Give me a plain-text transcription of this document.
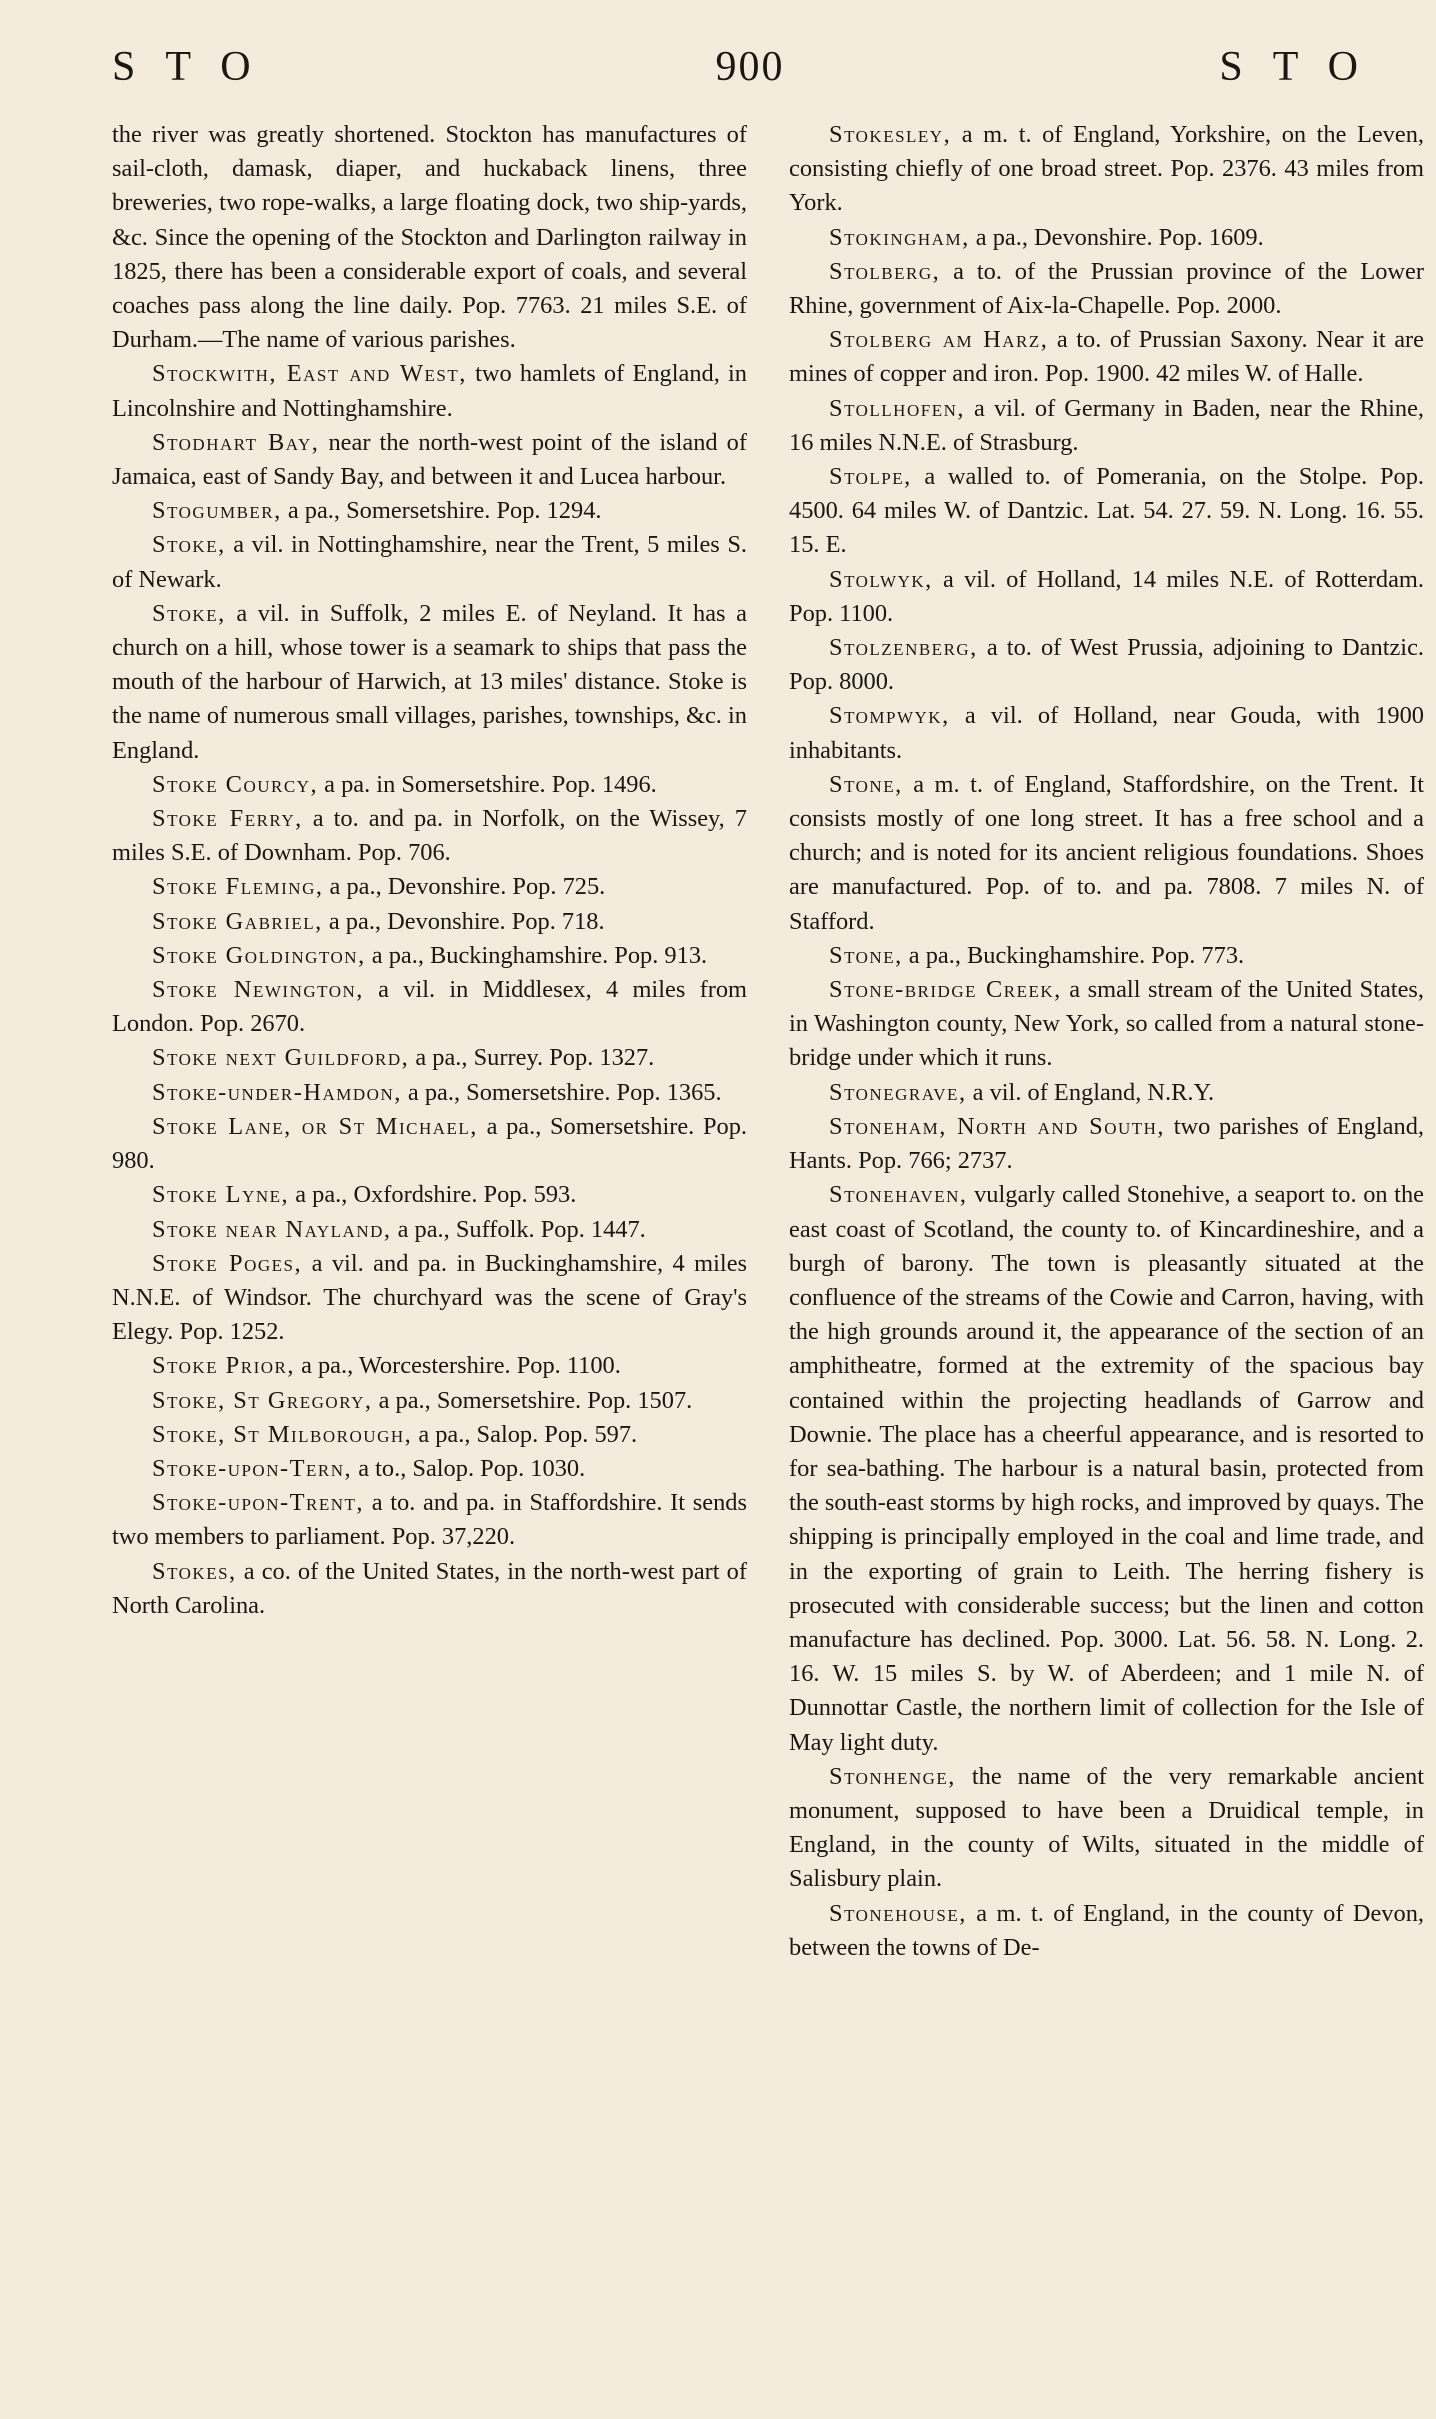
STO	900	STO

the river was greatly shortened. Stockton has manufactures of sail-cloth, damask, diaper, and huckaback linens, three breweries, two rope-walks, a large floating dock, two ship-yards, &c. Since the opening of the Stockton and Darlington railway in 1825, there has been a considerable export of coals, and several coaches pass along the line daily. Pop. 7763. 21 miles S.E. of Durham.—The name of various parishes.

Stockwith, East and West, two hamlets of England, in Lincolnshire and Nottinghamshire.

Stodhart Bay, near the north-west point of the island of Jamaica, east of Sandy Bay, and between it and Lucea harbour.

Stogumber, a pa., Somersetshire. Pop. 1294.

Stoke, a vil. in Nottinghamshire, near the Trent, 5 miles S. of Newark.

Stoke, a vil. in Suffolk, 2 miles E. of Neyland. It has a church on a hill, whose tower is a seamark to ships that pass the mouth of the harbour of Harwich, at 13 miles' distance. Stoke is the name of numerous small villages, parishes, townships, &c. in England.

Stoke Courcy, a pa. in Somersetshire. Pop. 1496.

Stoke Ferry, a to. and pa. in Norfolk, on the Wissey, 7 miles S.E. of Downham. Pop. 706.

Stoke Fleming, a pa., Devonshire. Pop. 725.

Stoke Gabriel, a pa., Devonshire. Pop. 718.

Stoke Goldington, a pa., Buckinghamshire. Pop. 913.

Stoke Newington, a vil. in Middlesex, 4 miles from London. Pop. 2670.

Stoke next Guildford, a pa., Surrey. Pop. 1327.

Stoke-under-Hamdon, a pa., Somersetshire. Pop. 1365.

Stoke Lane, or St Michael, a pa., Somersetshire. Pop. 980.

Stoke Lyne, a pa., Oxfordshire. Pop. 593.

Stoke near Nayland, a pa., Suffolk. Pop. 1447.

Stoke Poges, a vil. and pa. in Buckinghamshire, 4 miles N.N.E. of Windsor. The churchyard was the scene of Gray's Elegy. Pop. 1252.

Stoke Prior, a pa., Worcestershire. Pop. 1100.

Stoke, St Gregory, a pa., Somersetshire. Pop. 1507.

Stoke, St Milborough, a pa., Salop. Pop. 597.

Stoke-upon-Tern, a to., Salop. Pop. 1030.

Stoke-upon-Trent, a to. and pa. in Staffordshire. It sends two members to parliament. Pop. 37,220.

Stokes, a co. of the United States, in the north-west part of North Carolina.

Stokesley, a m. t. of England, Yorkshire, on the Leven, consisting chiefly of one broad street. Pop. 2376. 43 miles from York.

Stokingham, a pa., Devonshire. Pop. 1609.

Stolberg, a to. of the Prussian province of the Lower Rhine, government of Aix-la-Chapelle. Pop. 2000.

Stolberg am Harz, a to. of Prussian Saxony. Near it are mines of copper and iron. Pop. 1900. 42 miles W. of Halle.

Stollhofen, a vil. of Germany in Baden, near the Rhine, 16 miles N.N.E. of Strasburg.

Stolpe, a walled to. of Pomerania, on the Stolpe. Pop. 4500. 64 miles W. of Dantzic. Lat. 54. 27. 59. N. Long. 16. 55. 15. E.

Stolwyk, a vil. of Holland, 14 miles N.E. of Rotterdam. Pop. 1100.

Stolzenberg, a to. of West Prussia, adjoining to Dantzic. Pop. 8000.

Stompwyk, a vil. of Holland, near Gouda, with 1900 inhabitants.

Stone, a m. t. of England, Staffordshire, on the Trent. It consists mostly of one long street. It has a free school and a church; and is noted for its ancient religious foundations. Shoes are manufactured. Pop. of to. and pa. 7808. 7 miles N. of Stafford.

Stone, a pa., Buckinghamshire. Pop. 773.

Stone-bridge Creek, a small stream of the United States, in Washington county, New York, so called from a natural stone-bridge under which it runs.

Stonegrave, a vil. of England, N.R.Y.

Stoneham, North and South, two parishes of England, Hants. Pop. 766; 2737.

Stonehaven, vulgarly called Stonehive, a seaport to. on the east coast of Scotland, the county to. of Kincardineshire, and a burgh of barony. The town is pleasantly situated at the confluence of the streams of the Cowie and Carron, having, with the high grounds around it, the appearance of the section of an amphitheatre, formed at the extremity of the spacious bay contained within the projecting headlands of Garrow and Downie. The place has a cheerful appearance, and is resorted to for sea-bathing. The harbour is a natural basin, protected from the south-east storms by high rocks, and improved by quays. The shipping is principally employed in the coal and lime trade, and in the exporting of grain to Leith. The herring fishery is prosecuted with considerable success; but the linen and cotton manufacture has declined. Pop. 3000. Lat. 56. 58. N. Long. 2. 16. W. 15 miles S. by W. of Aberdeen; and 1 mile N. of Dunnottar Castle, the northern limit of collection for the Isle of May light duty.

Stonhenge, the name of the very remarkable ancient monument, supposed to have been a Druidical temple, in England, in the county of Wilts, situated in the middle of Salisbury plain.

Stonehouse, a m. t. of England, in the county of Devon, between the towns of De-
